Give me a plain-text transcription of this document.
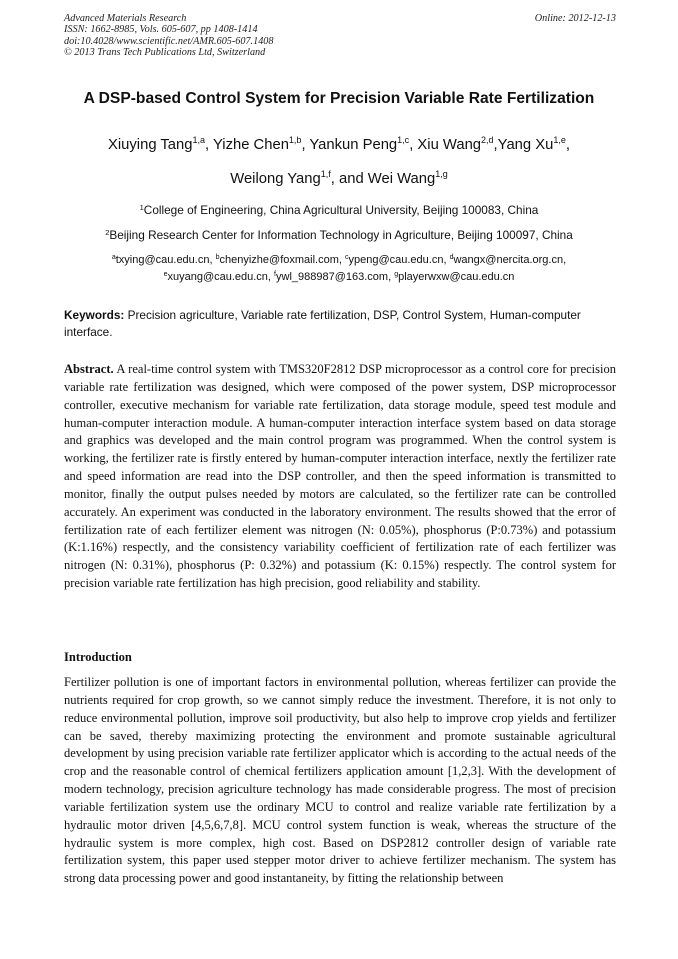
Advanced Materials Research
ISSN: 1662-8985, Vols. 605-607, pp 1408-1414
doi:10.4028/www.scientific.net/AMR.605-607.1408
© 2013 Trans Tech Publications Ltd, Switzerland
Online: 2012-12-13
A DSP-based Control System for Precision Variable Rate Fertilization
Xiuying Tang$^{1,a}$, Yizhe Chen$^{1,b}$, Yankun Peng$^{1,c}$, Xiu Wang$^{2,d}$,Yang Xu$^{1,e}$,
Weilong Yang$^{1,f}$, and Wei Wang$^{1,g}$
$^1$College of Engineering, China Agricultural University, Beijing 100083, China
$^2$Beijing Research Center for Information Technology in Agriculture, Beijing 100097, China
$^a$txying@cau.edu.cn, $^b$chenyizhe@foxmail.com, $^c$ypeng@cau.edu.cn, $^d$wangx@nercita.org.cn,
$^e$xuyang@cau.edu.cn, $^f$ywl_988987@163.com, $^g$playerwxw@cau.edu.cn
Keywords: Precision agriculture, Variable rate fertilization, DSP, Control System, Human-computer interface.
Abstract. A real-time control system with TMS320F2812 DSP microprocessor as a control core for precision variable rate fertilization was designed, which were composed of the power system, DSP microprocessor controller, executive mechanism for variable rate fertilization, data storage module, speed test module and human-computer interaction module. A human-computer interaction interface system based on data storage and graphics was developed and the main control program was programmed. When the control system is working, the fertilizer rate is firstly entered by human-computer interaction interface, nextly the fertilizer rate and speed information are read into the DSP controller, and then the speed information is transmitted to monitor, finally the output pulses needed by motors are calculated, so the fertilizer rate can be controlled accurately. An experiment was conducted in the laboratory environment. The results showed that the error of fertilization rate of each fertilizer element was nitrogen (N: 0.05%), phosphorus (P:0.73%) and potassium (K:1.16%) respectly, and the consistency variability coefficient of fertilization rate of each fertilizer was nitrogen (N: 0.31%), phosphorus (P: 0.32%) and potassium (K: 0.15%) respectly. The control system for precision variable rate fertilization has high precision, good reliability and stability.
Introduction
Fertilizer pollution is one of important factors in environmental pollution, whereas fertilizer can provide the nutrients required for crop growth, so we cannot simply reduce the investment. Therefore, it is not only to reduce environmental pollution, improve soil productivity, but also help to improve crop yields and fertilizer can be saved, thereby maximizing protecting the environment and promote sustainable agricultural development by using precision variable rate fertilizer applicator which is according to the actual needs of the crop and the reasonable control of chemical fertilizers application amount [1,2,3]. With the development of modern technology, precision agriculture technology has made considerable progress. The most of precision variable fertilization system use the ordinary MCU to control and realize variable rate fertilization by a hydraulic motor driven [4,5,6,7,8]. MCU control system function is weak, whereas the structure of the hydraulic system is more complex, high cost. Based on DSP2812 controller design of variable rate fertilization system, this paper used stepper motor driver to achieve fertilizer mechanism. The system has strong data processing power and good instantaneity, by fitting the relationship between
